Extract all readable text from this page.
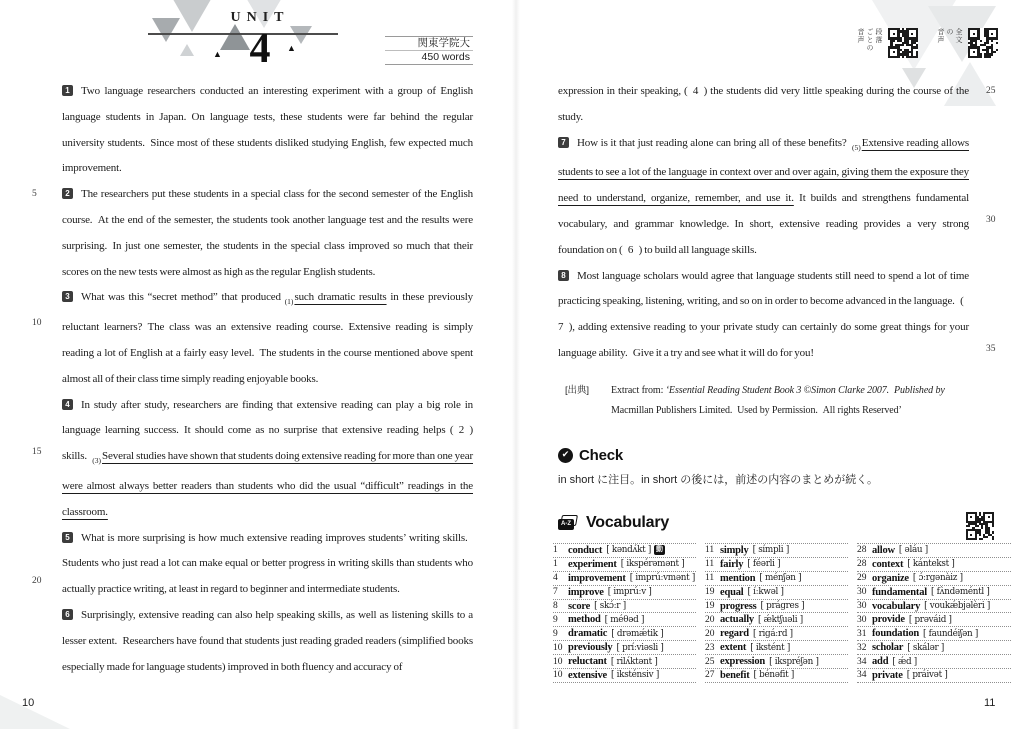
UNIT
4
▲
▲	関東学院大
450 words
段落
ごとの
音声	全文
の
音声
1 Two language researchers conducted an interesting experiment with a group of English language students in Japan. On language tests, these students were far behind the regular university students. Since most of these students disliked studying English, few expected much improvement.
2 The researchers put these students in a special class for the second semester of the English course. At the end of the semester, the students took another language test and the results were surprising. In just one semester, the students in the special class improved so much that their scores on the new tests were almost as high as the regular English students.
3 What was this “secret method” that produced $_{(1)}$such dramatic results in these previously reluctant learners? The class was an extensive reading course. Extensive reading is simply reading a lot of English at a fairly easy level. The students in the course mentioned above spent almost all of their class time simply reading enjoyable books.
4 In study after study, researchers are finding that extensive reading can play a big role in language learning success. It should come as no surprise that extensive reading helps ( 2 ) skills. $_{(3)}$Several studies have shown that students doing extensive reading for more than one year were almost always better readers than students who did the usual “difficult” readings in the classroom.
5 What is more surprising is how much extensive reading improves students’ writing skills. Students who just read a lot can make equal or better progress in writing skills than students who actually practice writing, at least in regard to beginner and intermediate students.
6 Surprisingly, extensive reading can also help speaking skills, as well as listening skills to a lesser extent. Researchers have found that students just reading graded readers (simplified books especially made for language students) improved in both fluency and accuracy of
expression in their speaking, ( 4 ) the students did very little speaking during the course of the study.
7 How is it that just reading alone can bring all of these benefits? $_{(5)}$Extensive reading allows students to see a lot of the language in context over and over again, giving them the exposure they need to understand, organize, remember, and use it. It builds and strengthens fundamental vocabulary, and grammar knowledge. In short, extensive reading provides a very strong foundation on ( 6 ) to build all language skills.
8 Most language scholars would agree that language students still need to spend a lot of time practicing speaking, listening, writing, and so on in order to become advanced in the language. ( 7 ), adding extensive reading to your private study can certainly do some great things for your language ability. Give it a try and see what it will do for you!
5
10
15
20
25
30
35
[出典] Extract from: ‘Essential Reading Student Book 3 ©Simon Clarke 2007. Published by Macmillan Publishers Limited. Used by Permission. All rights Reserved’
✔ Check
in short に注目。in short の後には，前述の内容のまとめが続く。
A-Z Vocabulary
1 conduct [ kəndʌ́kt ] 動
1 experiment [ ikspérəmənt ]
4 improvement [ imprúːvmənt ]
7 improve [ imprúːv ]
8 score [ skɔ́ːr ]
9 method [ méθəd ]
9 dramatic [ drəmǽtik ]
10 previously [ príːviəsli ]
10 reluctant [ rilʌ́ktənt ]
10 extensive [ iksténsiv ]
11 simply [ símpli ]
11 fairly [ féərli ]
11 mention [ ménʃən ]
19 equal [ íːkwəl ]
19 progress [ prágres ]
20 actually [ ǽktʃuəli ]
20 regard [ rigáːrd ]
23 extent [ ikstént ]
25 expression [ ikspréʃən ]
27 benefit [ bénəfit ]
28 allow [ əláu ]
28 context [ kántekst ]
29 organize [ ɔ́ːrgənàiz ]
30 fundamental [ fʌ̀ndəméntl ]
30 vocabulary [ voukǽbjəlèri ]
30 provide [ prəváid ]
31 foundation [ faundéiʃən ]
32 scholar [ skálər ]
34 add [ ǽd ]
34 private [ práivət ]
10	11
